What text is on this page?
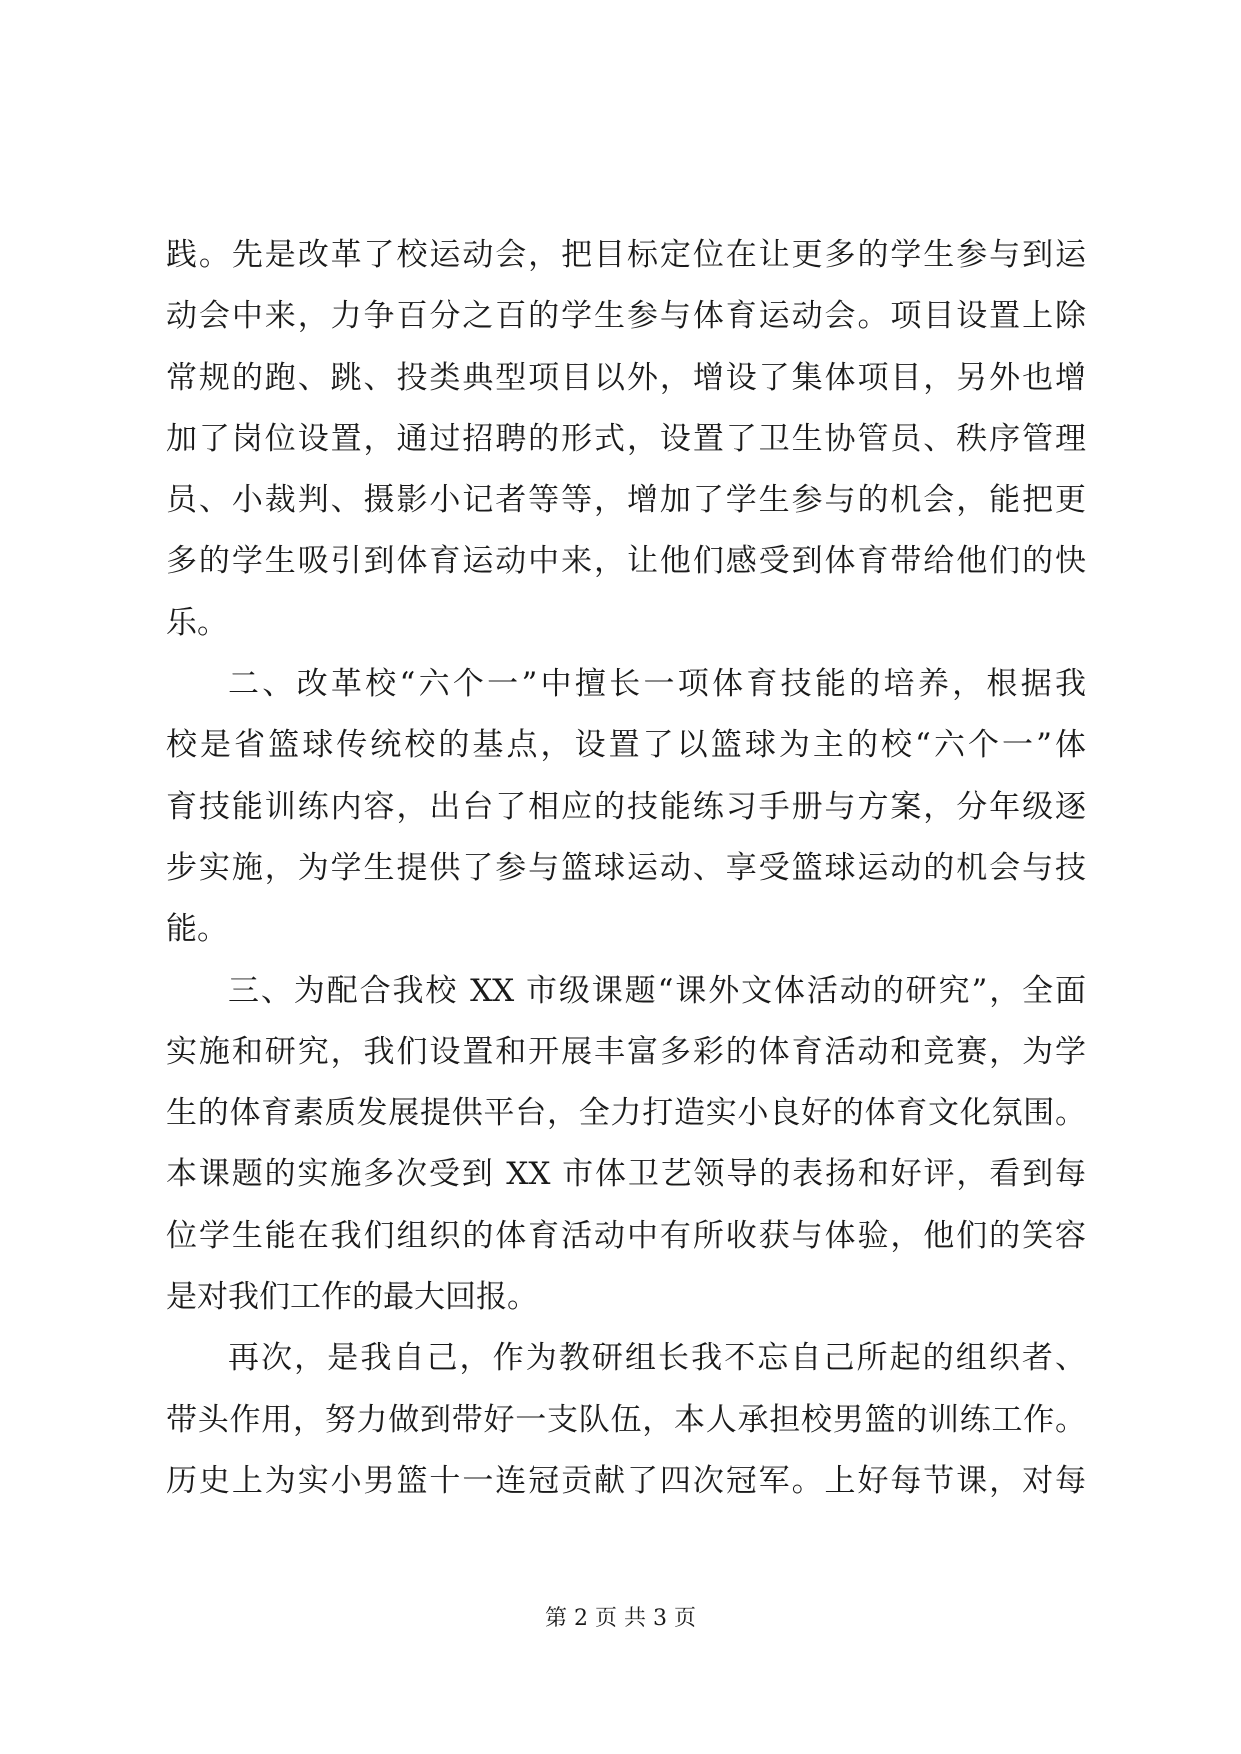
践。先是改革了校运动会，把目标定位在让更多的学生参与到运
动会中来，力争百分之百的学生参与体育运动会。项目设置上除
常规的跑、跳、投类典型项目以外，增设了集体项目，另外也增
加了岗位设置，通过招聘的形式，设置了卫生协管员、秩序管理
员、小裁判、摄影小记者等等，增加了学生参与的机会，能把更
多的学生吸引到体育运动中来，让他们感受到体育带给他们的快
乐。
二、改革校“六个一”中擅长一项体育技能的培养，根据我
校是省篮球传统校的基点，设置了以篮球为主的校“六个一”体
育技能训练内容，出台了相应的技能练习手册与方案，分年级逐
步实施，为学生提供了参与篮球运动、享受篮球运动的机会与技
能。
三、为配合我校 XX 市级课题“课外文体活动的研究”，全面
实施和研究，我们设置和开展丰富多彩的体育活动和竞赛，为学
生的体育素质发展提供平台，全力打造实小良好的体育文化氛围。
本课题的实施多次受到 XX 市体卫艺领导的表扬和好评，看到每
位学生能在我们组织的体育活动中有所收获与体验，他们的笑容
是对我们工作的最大回报。
再次，是我自己，作为教研组长我不忘自己所起的组织者、
带头作用，努力做到带好一支队伍，本人承担校男篮的训练工作。
历史上为实小男篮十一连冠贡献了四次冠军。上好每节课，对每
第 2 页 共 3 页
